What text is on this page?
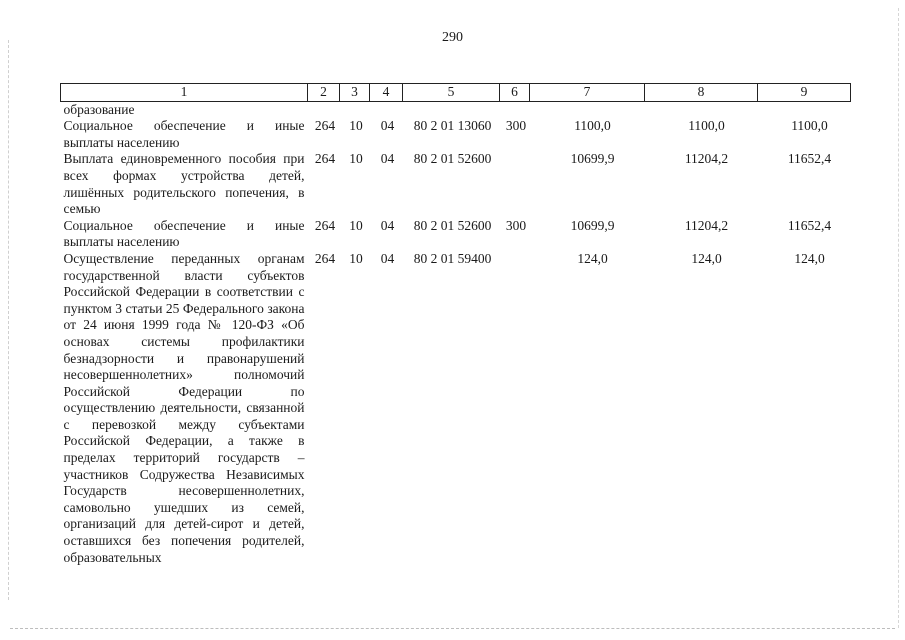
290
1	2	3	4	5	6	7	8	9
образование								
Социальное обеспечение и иные выплаты населению	264	10	04	80 2 01 13060	300	1100,0	1100,0	1100,0
Выплата единовременного пособия при всех формах устройства детей, лишённых родительского попечения, в семью	264	10	04	80 2 01 52600		10699,9	11204,2	11652,4
Социальное обеспечение и иные выплаты населению	264	10	04	80 2 01 52600	300	10699,9	11204,2	11652,4
Осуществление переданных органам государственной власти субъектов Российской Федерации в соответствии с пунктом 3 статьи 25 Федерального закона от 24 июня 1999 года № 120-ФЗ «Об основах системы профилактики безнадзорности и правонарушений несовершеннолетних» полномочий Российской Федерации по осуществлению деятельности, связанной с перевозкой между субъектами Российской Федерации, а также в пределах территорий государств – участников Содружества Независимых Государств несовершеннолетних, самовольно ушедших из семей, организаций для детей-сирот и детей, оставшихся без попечения родителей, образовательных	264	10	04	80 2 01 59400		124,0	124,0	124,0
